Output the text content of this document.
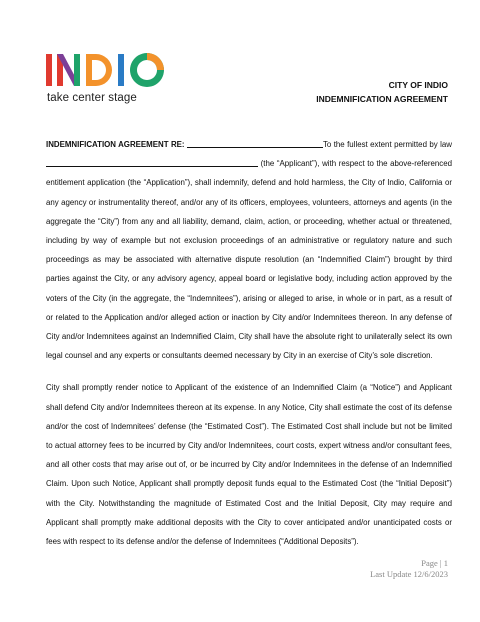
take center stage
CITY OF INDIO
INDEMNIFICATION AGREEMENT

INDEMNIFICATION AGREEMENT RE:	To the fullest extent permitted by law  (the “Applicant”), with respect to the above-referenced entitlement application (the “Application”), shall indemnify, defend and hold harmless, the City of Indio, California or any agency or instrumentality thereof, and/or any of its officers, employees, volunteers, attorneys and agents (in the aggregate the “City”) from any and all liability, demand, claim, action, or proceeding, whether actual or threatened, including by way of example but not exclusion proceedings of an administrative or regulatory nature and such proceedings as may be associated with alternative dispute resolution (an “Indemnified Claim”) brought by third parties against the City, or any advisory agency, appeal board or legislative body, including action approved by the voters of the City (in the aggregate, the “Indemnitees”), arising or alleged to arise, in whole or in part, as a result of or related to the Application and/or alleged action or inaction by City and/or Indemnitees thereon. In any defense of City and/or Indemnitees against an Indemnified Claim, City shall have the absolute right to unilaterally select its own legal counsel and any experts or consultants deemed necessary by City in an exercise of City’s sole discretion.

City shall promptly render notice to Applicant of the existence of an Indemnified Claim (a “Notice”) and Applicant shall defend City and/or Indemnitees thereon at its expense. In any Notice, City shall estimate the cost of its defense and/or the cost of Indemnitees’ defense (the “Estimated Cost”). The Estimated Cost shall include but not be limited to actual attorney fees to be incurred by City and/or Indemnitees, court costs, expert witness and/or consultant fees, and all other costs that may arise out of, or be incurred by City and/or Indemnitees in the defense of an Indemnified Claim. Upon such Notice, Applicant shall promptly deposit funds equal to the Estimated Cost (the “Initial Deposit”) with the City. Notwithstanding the magnitude of Estimated Cost and the Initial Deposit, City may require and Applicant shall promptly make additional deposits with the City to cover anticipated and/or unanticipated costs or fees with respect to its defense and/or the defense of Indemnitees (“Additional Deposits”).

Page | 1
Last Update 12/6/2023
